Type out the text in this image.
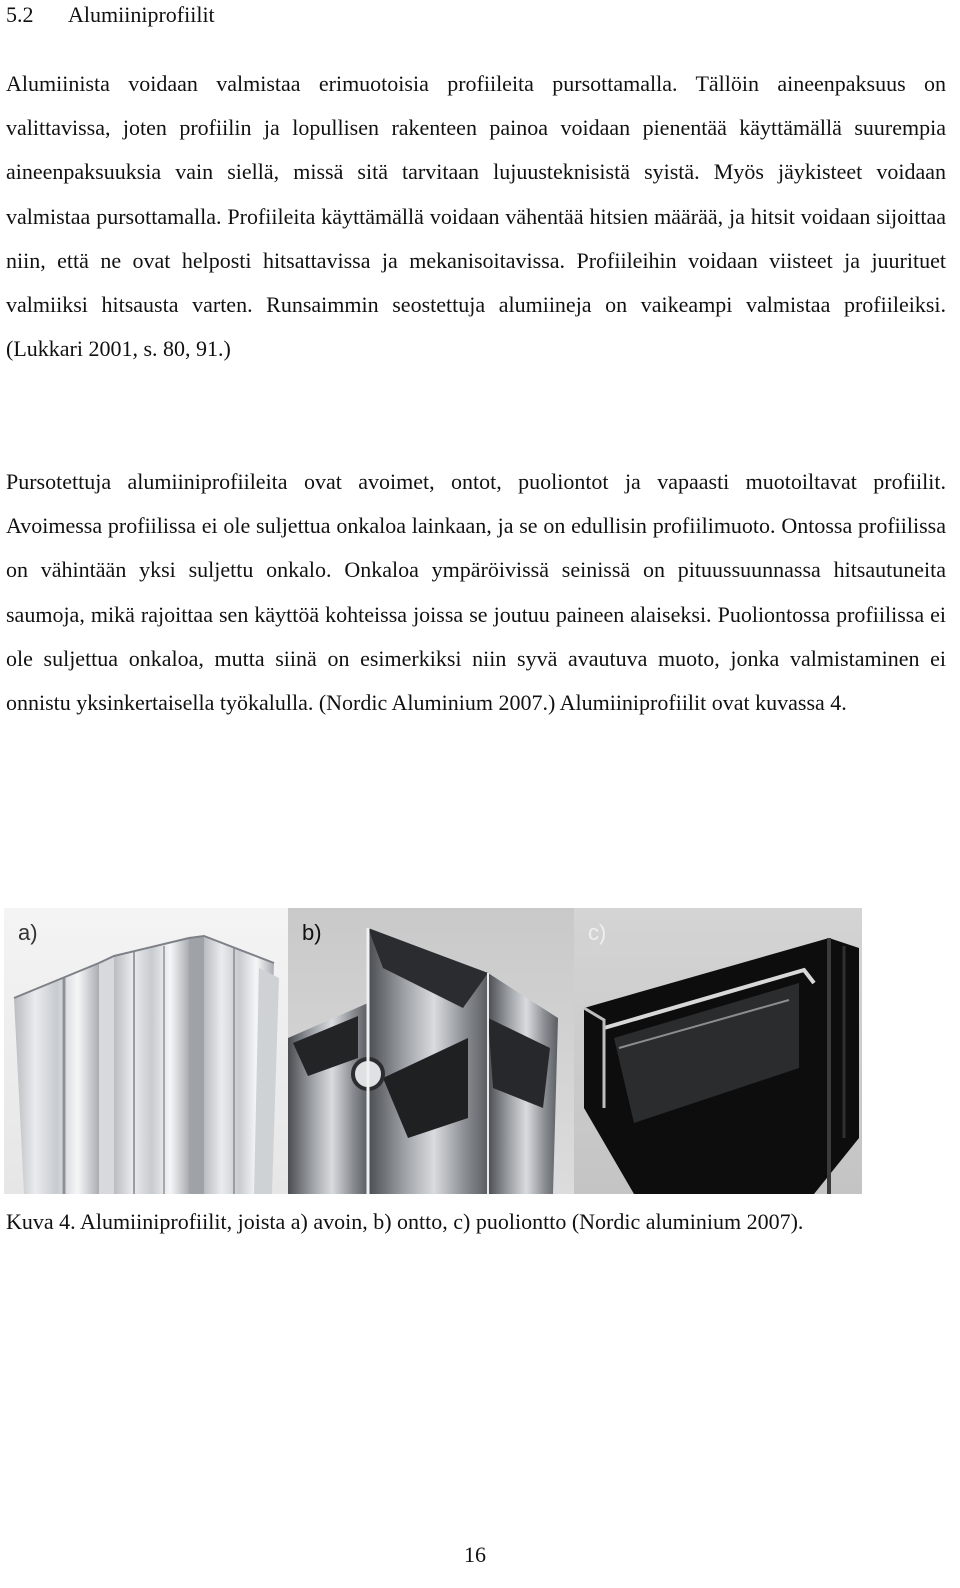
5.2 Alumiiniprofiilit

Alumiinista voidaan valmistaa erimuotoisia profiileita pursottamalla. Tällöin aineenpaksuus on valittavissa, joten profiilin ja lopullisen rakenteen painoa voidaan pienentää käyttämällä suurempia aineenpaksuuksia vain siellä, missä sitä tarvitaan lujuusteknisistä syistä. Myös jäykisteet voidaan valmistaa pursottamalla. Profiileita käyttämällä voidaan vähentää hitsien määrää, ja hitsit voidaan sijoittaa niin, että ne ovat helposti hitsattavissa ja mekanisoitavissa. Profiileihin voidaan viisteet ja juurituet valmiiksi hitsausta varten. Runsaimmin seostettuja alumiineja on vaikeampi valmistaa profiileiksi. (Lukkari 2001, s. 80, 91.)

Pursotettuja alumiiniprofiileita ovat avoimet, ontot, puoliontot ja vapaasti muotoiltavat profiilit. Avoimessa profiilissa ei ole suljettua onkaloa lainkaan, ja se on edullisin profiilimuoto. Ontossa profiilissa on vähintään yksi suljettu onkalo. Onkaloa ympäröivissä seinissä on pituussuunnassa hitsautuneita saumoja, mikä rajoittaa sen käyttöä kohteissa joissa se joutuu paineen alaiseksi. Puoliontossa profiilissa ei ole suljettua onkaloa, mutta siinä on esimerkiksi niin syvä avautuva muoto, jonka valmistaminen ei onnistu yksinkertaisella työkalulla. (Nordic Aluminium 2007.) Alumiiniprofiilit ovat kuvassa 4.

a)	b)	c)
Kuva 4. Alumiiniprofiilit, joista a) avoin, b) ontto, c) puoliontto (Nordic aluminium 2007).
16
